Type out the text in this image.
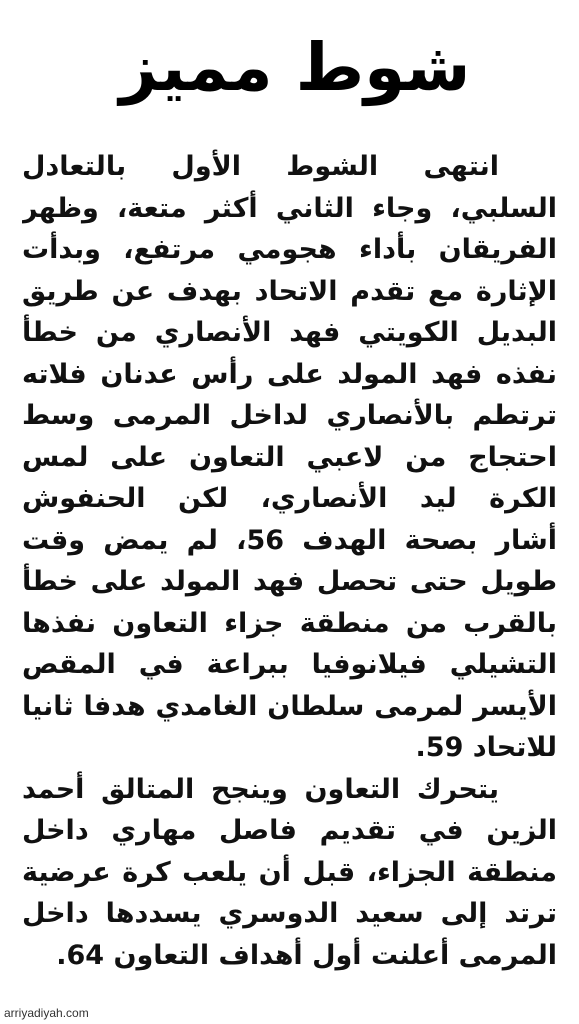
شوط مميز
انتهى الشوط الأول بالتعادل
السلبي، وجاء الثاني أكثر متعة، وظهر
الفريقان بأداء هجومي مرتفع، وبدأت
الإثارة مع تقدم الاتحاد بهدف عن طريق
البديل الكويتي فهد الأنصاري من خطأ
نفذه فهد المولد على رأس عدنان فلاته
ترتطم بالأنصاري لداخل المرمى وسط
احتجاج من لاعبي التعاون على لمس
الكرة ليد الأنصاري، لكن الحنفوش
أشار بصحة الهدف 56، لم يمض وقت
طويل حتى تحصل فهد المولد على خطأ
بالقرب من منطقة جزاء التعاون نفذها
التشيلي فيلانوفيا ببراعة في المقص
الأيسر لمرمى سلطان الغامدي هدفا ثانيا
للاتحاد 59.
يتحرك التعاون وينجح المتالق أحمد
الزين في تقديم فاصل مهاري داخل
منطقة الجزاء، قبل أن يلعب كرة عرضية
ترتد إلى سعيد الدوسري يسددها داخل
المرمى أعلنت أول أهداف التعاون 64.
arriyadiyah.com
